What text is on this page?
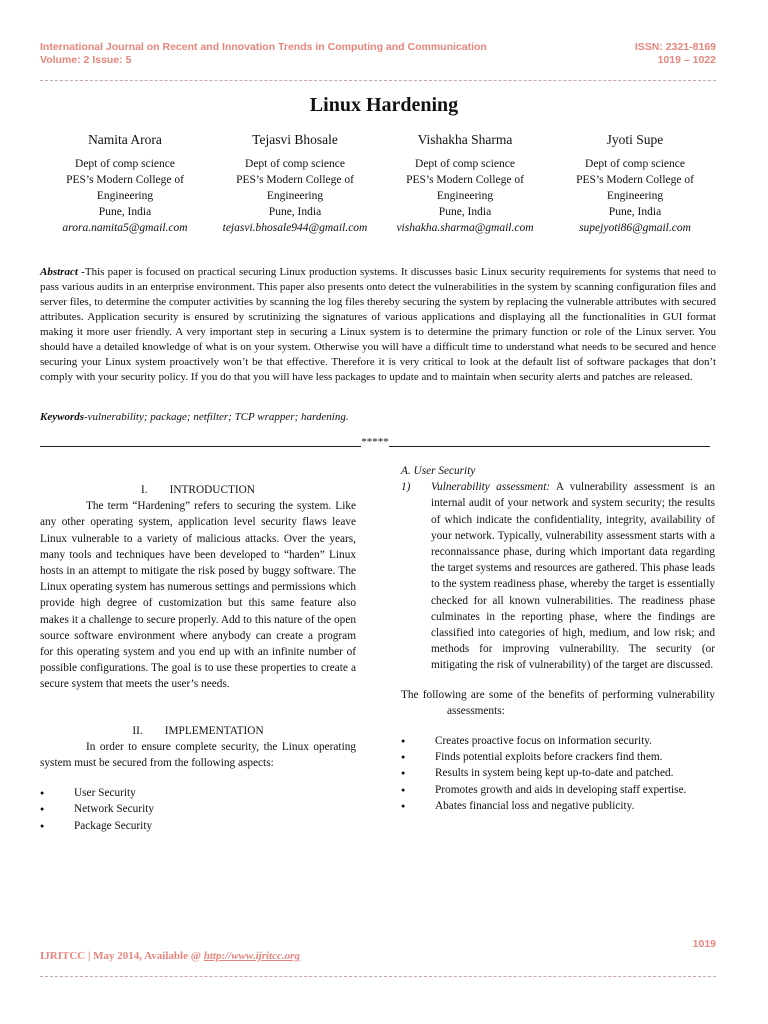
International Journal on Recent and Innovation Trends in Computing and Communication
Volume: 2 Issue: 5
ISSN: 2321-8169
1019 – 1022
Linux Hardening
Namita Arora
Dept of comp science
PES’s Modern College of
Engineering
Pune, India
arora.namita5@gmail.com
Tejasvi Bhosale
Dept of comp science
PES’s Modern College of
Engineering
Pune, India
tejasvi.bhosale944@gmail.com
Vishakha Sharma
Dept of comp science
PES’s Modern College of
Engineering
Pune, India
vishakha.sharma@gmail.com
Jyoti Supe
Dept of comp science
PES’s Modern College of
Engineering
Pune, India
supejyoti86@gmail.com
Abstract -This paper is focused on practical securing Linux production systems. It discusses basic Linux security requirements for systems that need to pass various audits in an enterprise environment. This paper also presents onto detect the vulnerabilities in the system by scanning configuration files and server files, to determine the computer activities by scanning the log files thereby securing the system by replacing the vulnerable attributes with secured attributes. Application security is ensured by scrutinizing the signatures of various applications and displaying all the functionalities in GUI format making it more user friendly. A very important step in securing a Linux system is to determine the primary function or role of the Linux server. You should have a detailed knowledge of what is on your system. Otherwise you will have a difficult time to understand what needs to be secured and hence securing your Linux system proactively won’t be that effective. Therefore it is very critical to look at the default list of software packages that don’t comply with your security policy. If you do that you will have less packages to update and to maintain when security alerts and patches are released.
Keywords-vulnerability; package; netfilter; TCP wrapper; hardening.
*****

I. INTRODUCTION

The term “Hardening” refers to securing the system. Like any other operating system, application level security flaws leave Linux vulnerable to a variety of malicious attacks. Over the years, many tools and techniques have been developed to “harden” Linux hosts in an attempt to mitigate the risk posed by buggy software. The Linux operating system has numerous settings and permissions which provide high degree of customization but this same feature also makes it a challenge to secure properly. Add to this nature of the open source software environment where anybody can create a program for this operating system and you end up with an infinite number of possible configurations. The goal is to use these properties to create a secure system that meets the user’s needs.

II. IMPLEMENTATION

In order to ensure complete security, the Linux operating system must be secured from the following aspects:

● User Security
● Network Security
● Package Security

A. User Security

1)	Vulnerability assessment: A vulnerability assessment is an internal audit of your network and system security; the results of which indicate the confidentiality, integrity, availability of your network. Typically, vulnerability assessment starts with a reconnaissance phase, during which important data regarding the target systems and resources are gathered. This phase leads to the system readiness phase, whereby the target is essentially checked for all known vulnerabilities. The readiness phase culminates in the reporting phase, where the findings are classified into categories of high, medium, and low risk; and methods for improving vulnerability. The security (or mitigating the risk of vulnerability) of the target are discussed.

The following are some of the benefits of performing vulnerability assessments:

● Creates proactive focus on information security.
● Finds potential exploits before crackers find them.
● Results in system being kept up-to-date and patched.
● Promotes growth and aids in developing staff expertise.
● Abates financial loss and negative publicity.
1019
IJRITCC | May 2014, Available @ http://www.ijritcc.org
